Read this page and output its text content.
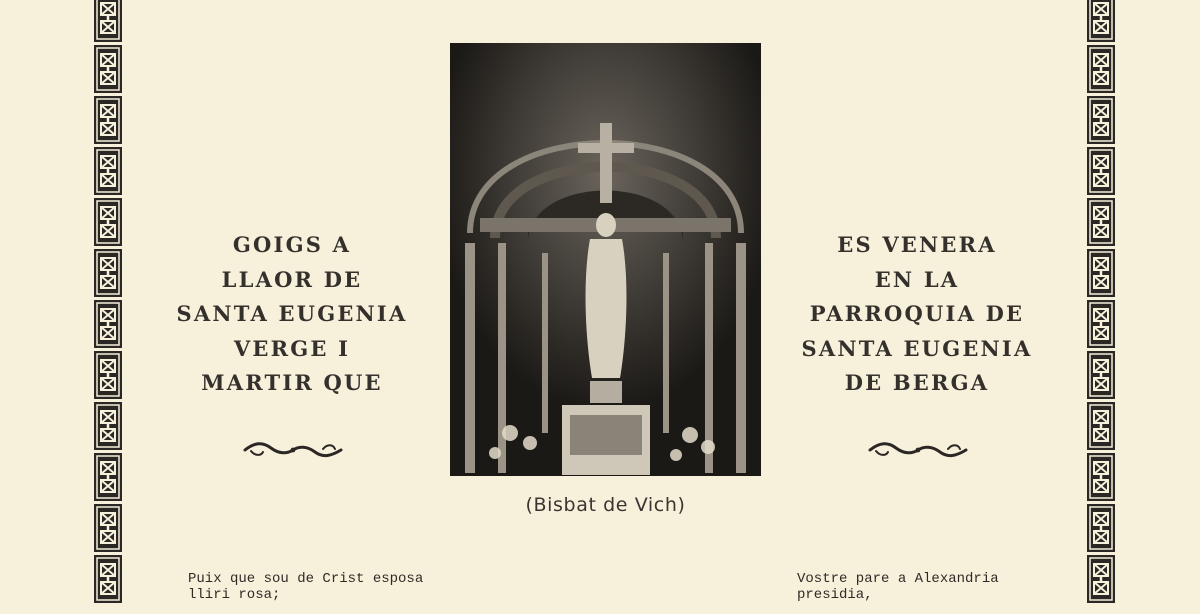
GOIGS A
LLAOR DE
SANTA EUGENIA
VERGE I
MARTIR QUE
ES VENERA
EN LA
PARROQUIA DE
SANTA EUGENIA
DE BERGA
(Bisbat de Vich)
Puix que sou de Crist esposa
lliri rosa;
Vostre pare a Alexandria
presidia,
